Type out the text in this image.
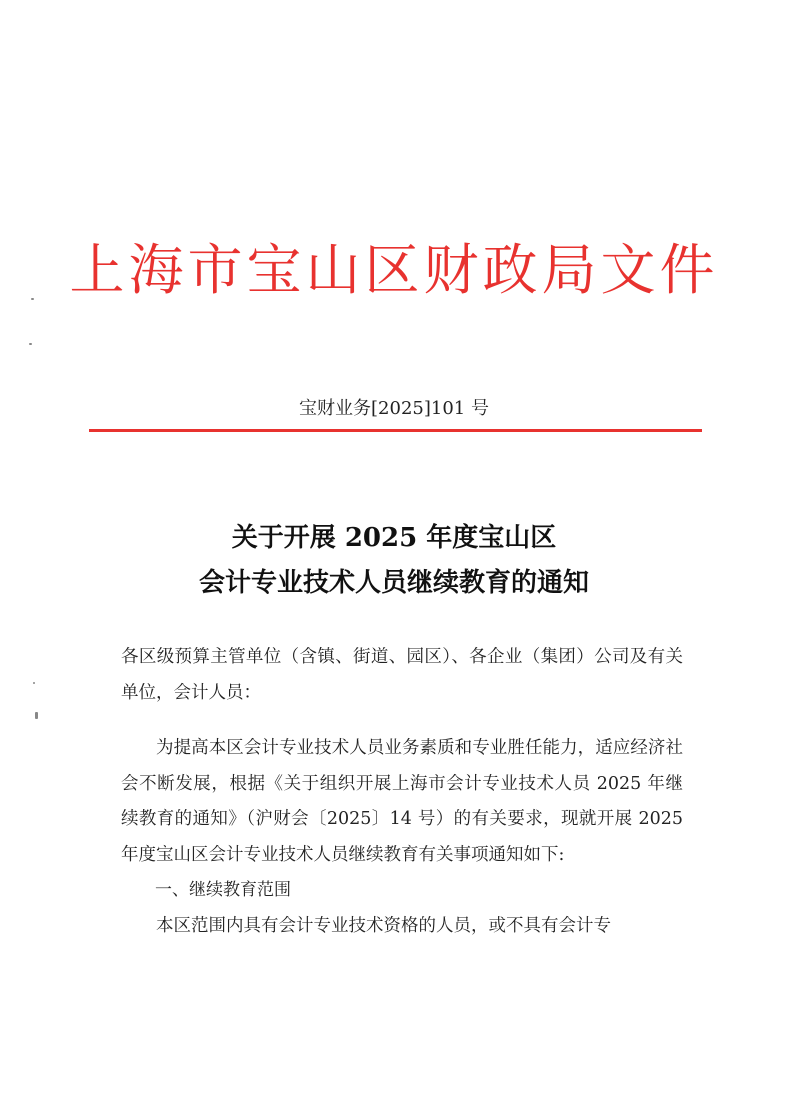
上海市宝山区财政局文件
宝财业务[2025]101 号
关于开展 2025 年度宝山区
会计专业技术人员继续教育的通知

各区级预算主管单位（含镇、街道、园区）、各企业（集团）公司及有关单位，会计人员：

为提高本区会计专业技术人员业务素质和专业胜任能力，适应经济社会不断发展，根据《关于组织开展上海市会计专业技术人员 2025 年继续教育的通知》（沪财会〔2025〕14 号）的有关要求，现就开展 2025 年度宝山区会计专业技术人员继续教育有关事项通知如下:

一、继续教育范围

本区范围内具有会计专业技术资格的人员，或不具有会计专
